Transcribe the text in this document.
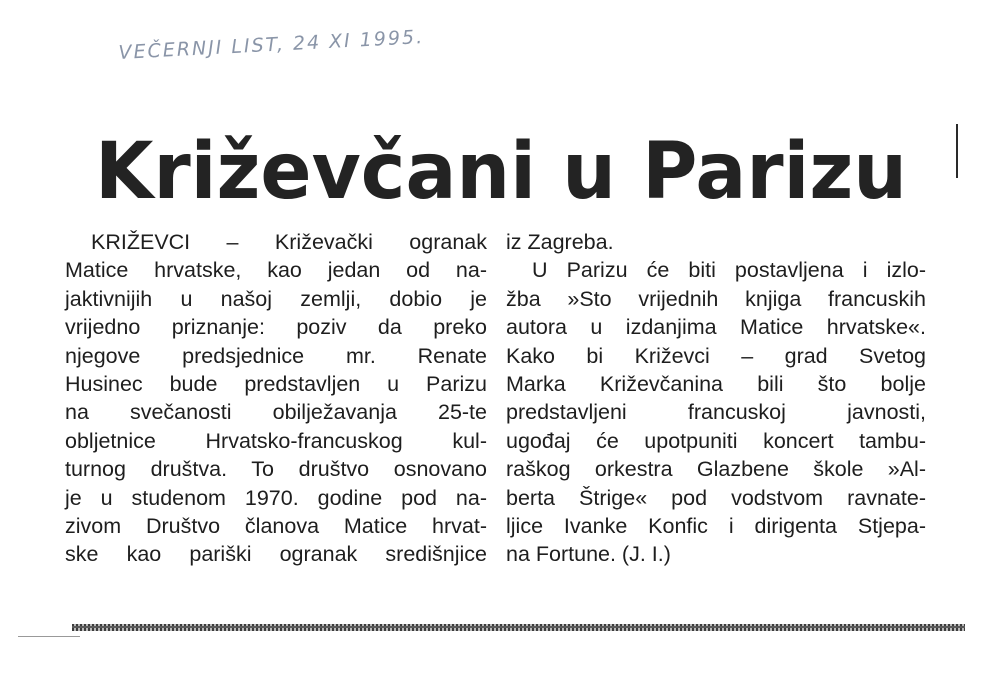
VEČERNJI LIST, 24 XI 1995.
Križevčani u Parizu
KRIŽEVCI – Križevački ogranak
Matice hrvatske, kao jedan od na-
jaktivnijih u našoj zemlji, dobio je
vrijedno priznanje: poziv da preko
njegove predsjednice mr. Renate
Husinec bude predstavljen u Parizu
na svečanosti obilježavanja 25-te
obljetnice Hrvatsko-francuskog kul-
turnog društva. To društvo osnovano
je u studenom 1970. godine pod na-
zivom Društvo članova Matice hrvat-
ske kao pariški ogranak središnjice
iz Zagreba.
U Parizu će biti postavljena i izlo-
žba »Sto vrijednih knjiga francuskih
autora u izdanjima Matice hrvatske«.
Kako bi Križevci – grad Svetog
Marka Križevčanina bili što bolje
predstavljeni francuskoj javnosti,
ugođaj će upotpuniti koncert tambu-
raškog orkestra Glazbene škole »Al-
berta Štrige« pod vodstvom ravnate-
ljice Ivanke Konfic i dirigenta Stjepa-
na Fortune. (J. I.)
